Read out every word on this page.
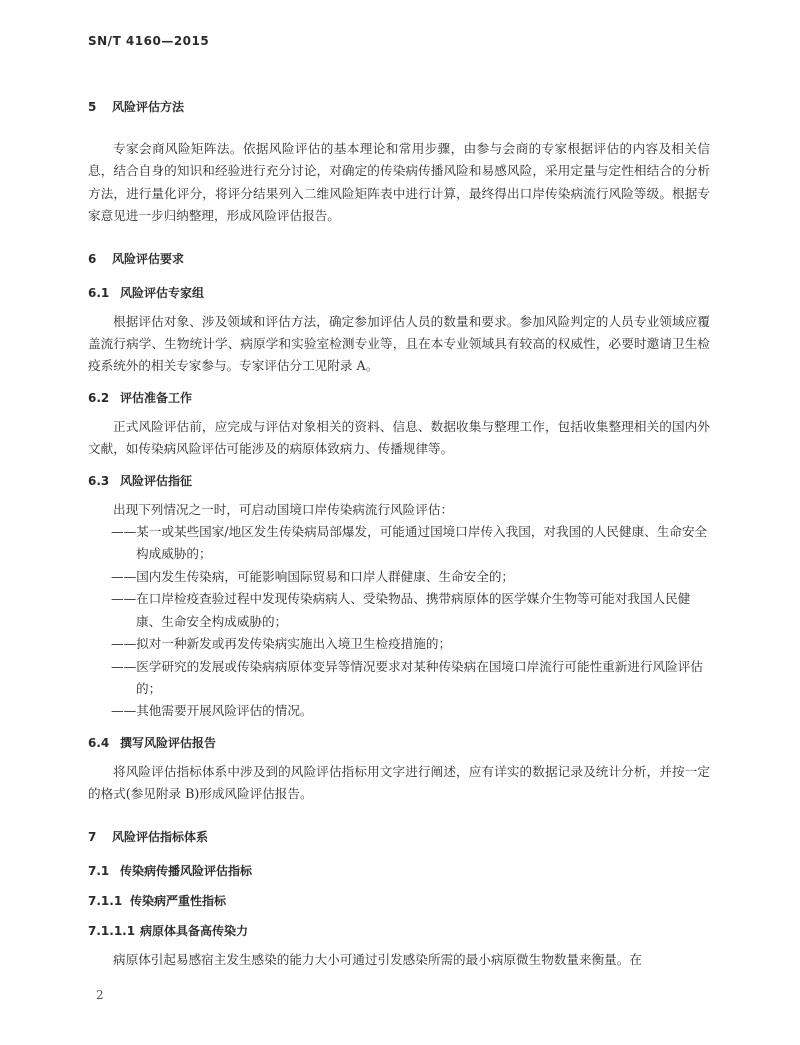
SN/T 4160—2015
5	风险评估方法

专家会商风险矩阵法。依据风险评估的基本理论和常用步骤，由参与会商的专家根据评估的内容及相关信息，结合自身的知识和经验进行充分讨论，对确定的传染病传播风险和易感风险，采用定量与定性相结合的分析方法，进行量化评分，将评分结果列入二维风险矩阵表中进行计算，最终得出口岸传染病流行风险等级。根据专家意见进一步归纳整理，形成风险评估报告。

6	风险评估要求
6.1 风险评估专家组

根据评估对象、涉及领域和评估方法，确定参加评估人员的数量和要求。参加风险判定的人员专业领域应覆盖流行病学、生物统计学、病原学和实验室检测专业等，且在本专业领域具有较高的权威性，必要时邀请卫生检疫系统外的相关专家参与。专家评估分工见附录 A。

6.2 评估准备工作

正式风险评估前，应完成与评估对象相关的资料、信息、数据收集与整理工作，包括收集整理相关的国内外文献，如传染病风险评估可能涉及的病原体致病力、传播规律等。

6.3 风险评估指征

出现下列情况之一时，可启动国境口岸传染病流行风险评估：

——某一或某些国家/地区发生传染病局部爆发，可能通过国境口岸传入我国，对我国的人民健康、生命安全构成威胁的；
——国内发生传染病，可能影响国际贸易和口岸人群健康、生命安全的；
——在口岸检疫查验过程中发现传染病病人、受染物品、携带病原体的医学媒介生物等可能对我国人民健康、生命安全构成威胁的；
——拟对一种新发或再发传染病实施出入境卫生检疫措施的；
——医学研究的发展或传染病病原体变异等情况要求对某种传染病在国境口岸流行可能性重新进行风险评估的；
——其他需要开展风险评估的情况。
6.4 撰写风险评估报告

将风险评估指标体系中涉及到的风险评估指标用文字进行阐述，应有详实的数据记录及统计分析，并按一定的格式(参见附录 B)形成风险评估报告。

7	风险评估指标体系
7.1 传染病传播风险评估指标
7.1.1 传染病严重性指标
7.1.1.1 病原体具备高传染力

病原体引起易感宿主发生感染的能力大小可通过引发感染所需的最小病原微生物数量来衡量。在

2
